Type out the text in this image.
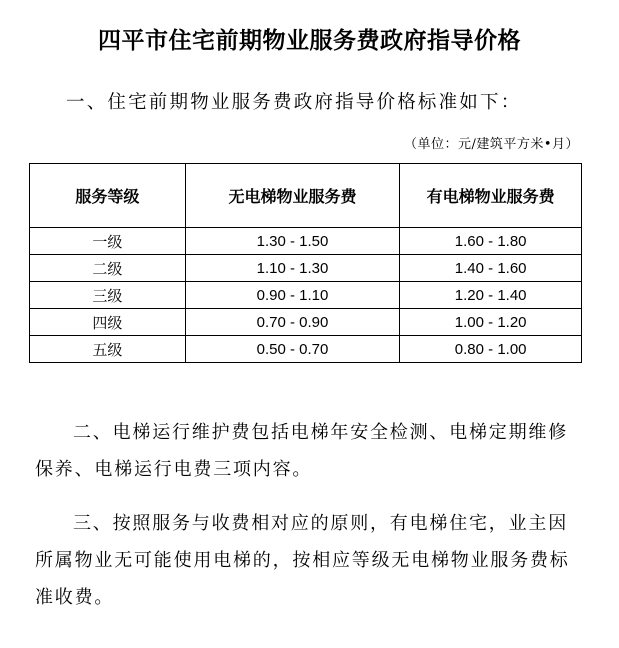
四平市住宅前期物业服务费政府指导价格
一、住宅前期物业服务费政府指导价格标准如下：
（单位：元/建筑平方米•月）
服务等级	无电梯物业服务费	有电梯物业服务费
一级	1.30 - 1.50	1.60 - 1.80
二级	1.10 - 1.30	1.40 - 1.60
三级	0.90 - 1.10	1.20 - 1.40
四级	0.70 - 0.90	1.00 - 1.20
五级	0.50 - 0.70	0.80 - 1.00
二、电梯运行维护费包括电梯年安全检测、电梯定期维修保养、电梯运行电费三项内容。
三、按照服务与收费相对应的原则，有电梯住宅，业主因所属物业无可能使用电梯的，按相应等级无电梯物业服务费标准收费。
